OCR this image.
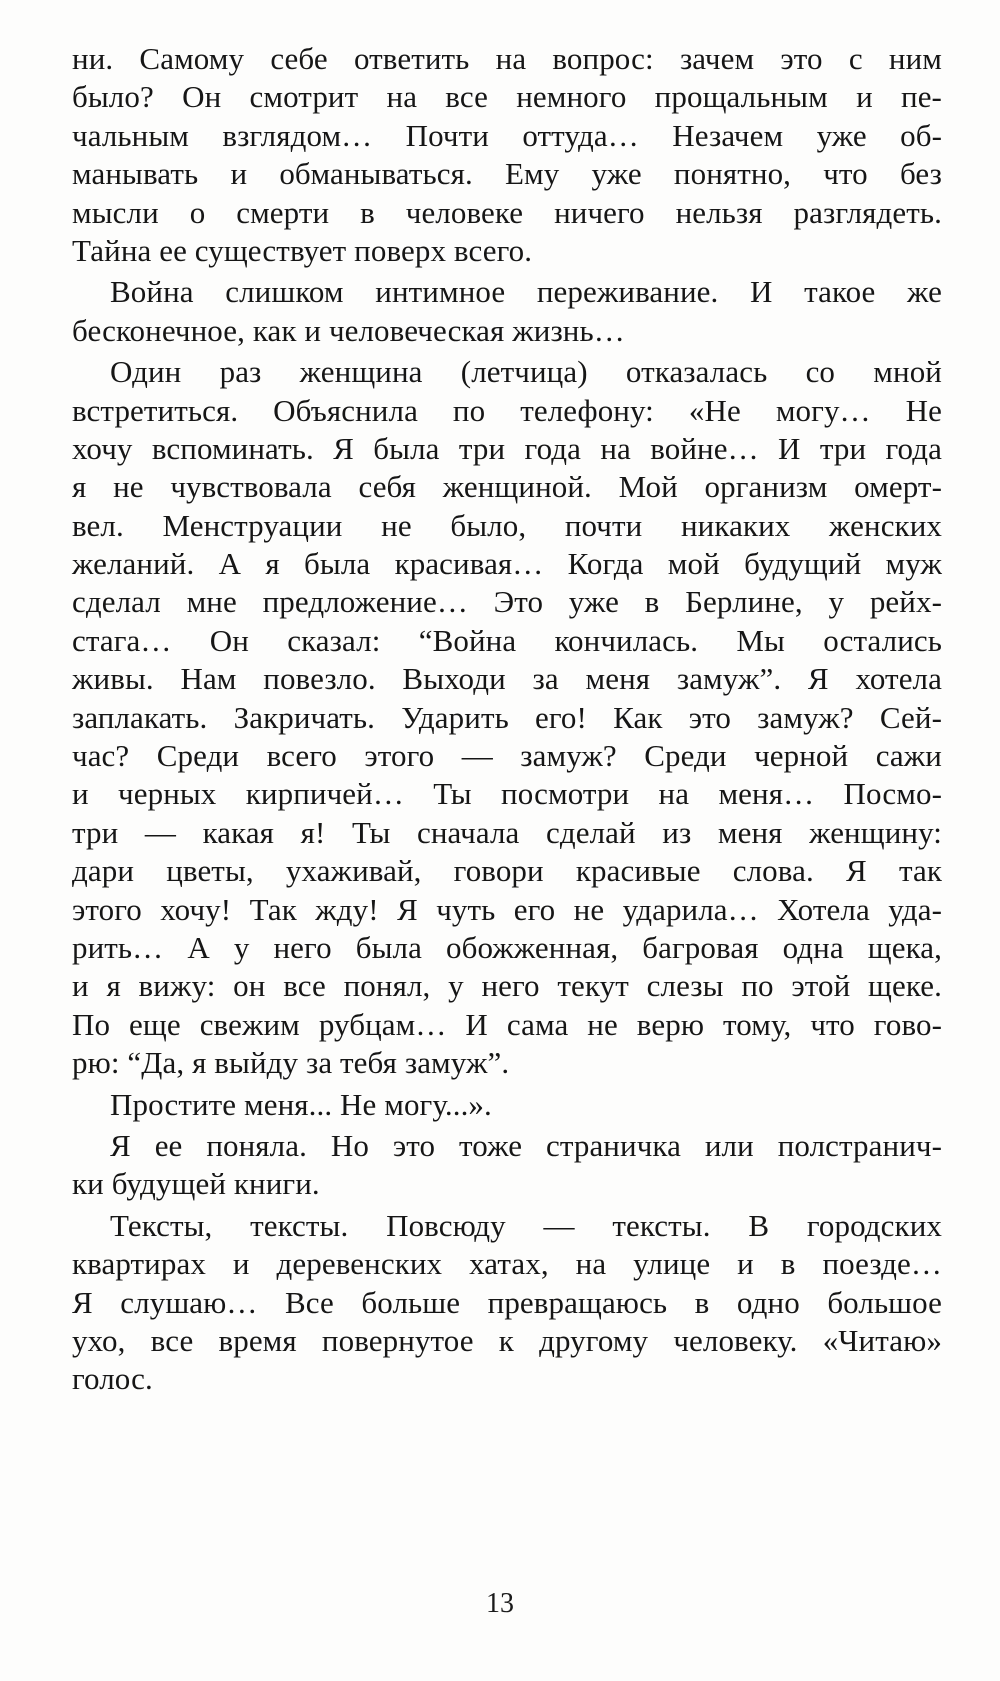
ни. Самому себе ответить на вопрос: зачем это с ним
было? Он смотрит на все немного прощальным и пе-
чальным взглядом… Почти оттуда… Незачем уже об-
манывать и обманываться. Ему уже понятно, что без
мысли о смерти в человеке ничего нельзя разглядеть.
Тайна ее существует поверх всего.
Война слишком интимное переживание. И такое же
бесконечное, как и человеческая жизнь…
Один раз женщина (летчица) отказалась со мной
встретиться. Объяснила по телефону: «Не могу… Не
хочу вспоминать. Я была три года на войне… И три года
я не чувствовала себя женщиной. Мой организм омерт-
вел. Менструации не было, почти никаких женских
желаний. А я была красивая… Когда мой будущий муж
сделал мне предложение… Это уже в Берлине, у рейх-
стага… Он сказал: “Война кончилась. Мы остались
живы. Нам повезло. Выходи за меня замуж”. Я хотела
заплакать. Закричать. Ударить его! Как это замуж? Сей-
час? Среди всего этого — замуж? Среди черной сажи
и черных кирпичей… Ты посмотри на меня… Посмо-
три — какая я! Ты сначала сделай из меня женщину:
дари цветы, ухаживай, говори красивые слова. Я так
этого хочу! Так жду! Я чуть его не ударила… Хотела уда-
рить… А у него была обожженная, багровая одна щека,
и я вижу: он все понял, у него текут слезы по этой щеке.
По еще свежим рубцам… И сама не верю тому, что гово-
рю: “Да, я выйду за тебя замуж”.
Простите меня... Не могу...».
Я ее поняла. Но это тоже страничка или полстранич-
ки будущей книги.
Тексты, тексты. Повсюду — тексты. В городских
квартирах и деревенских хатах, на улице и в поезде…
Я слушаю… Все больше превращаюсь в одно большое
ухо, все время повернутое к другому человеку. «Читаю»
голос.
13
